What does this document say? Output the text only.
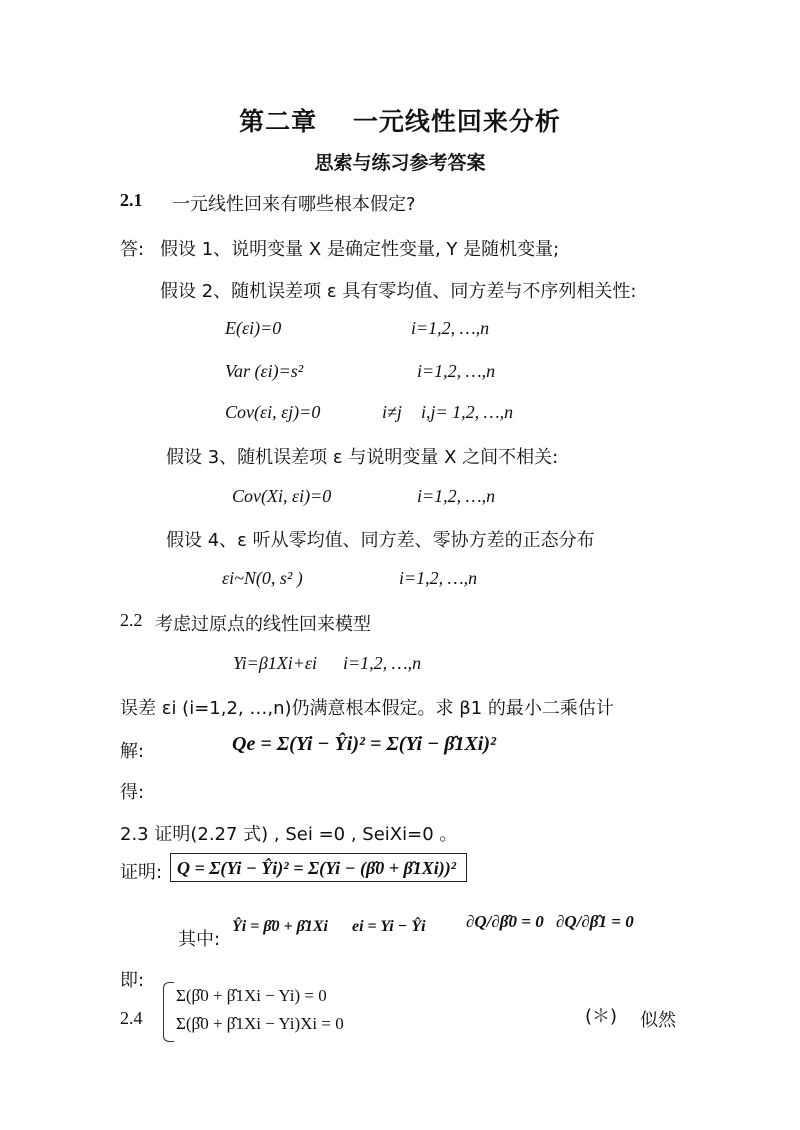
第二章　 一元线性回来分析
思索与练习参考答案
2.1 一元线性回来有哪些根本假定?
答: 假设 1、说明变量 X 是确定性变量, Y 是随机变量;
假设 2、随机误差项 ε 具有零均值、同方差与不序列相关性:
E(εi)=0	i=1,2, …,n
Var (εi)=s²	i=1,2, …,n
Cov(εi, εj)=0	i≠j i,j= 1,2, …,n
假设 3、随机误差项 ε 与说明变量 X 之间不相关:
Cov(Xi, εi)=0	i=1,2, …,n
假设 4、ε 听从零均值、同方差、零协方差的正态分布
εi~N(0, s² )	i=1,2, …,n
2.2 考虑过原点的线性回来模型
Yi=β1Xi+εi i=1,2, …,n
误差 εi (i=1,2, …,n)仍满意根本假定。求 β1 的最小二乘估计
解:	Qe = Σ(Yi − Ŷi)² = Σ(Yi − β̂1Xi)²
得:
2.3 证明(2.27 式) , Sei =0 , SeiXi=0 。
证明: Q = Σ(Yi − Ŷi)² = Σ(Yi − (β̂0 + β̂1Xi))²
其中:
Ŷi = β̂0 + β̂1Xi ei = Yi − Ŷi ∂Q/∂β̂0 = 0 ∂Q/∂β̂1 = 0
即:
2.4
Σ(β̂0 + β̂1Xi − Yi) = 0
Σ(β̂0 + β̂1Xi − Yi)Xi = 0	(＊) 似然
